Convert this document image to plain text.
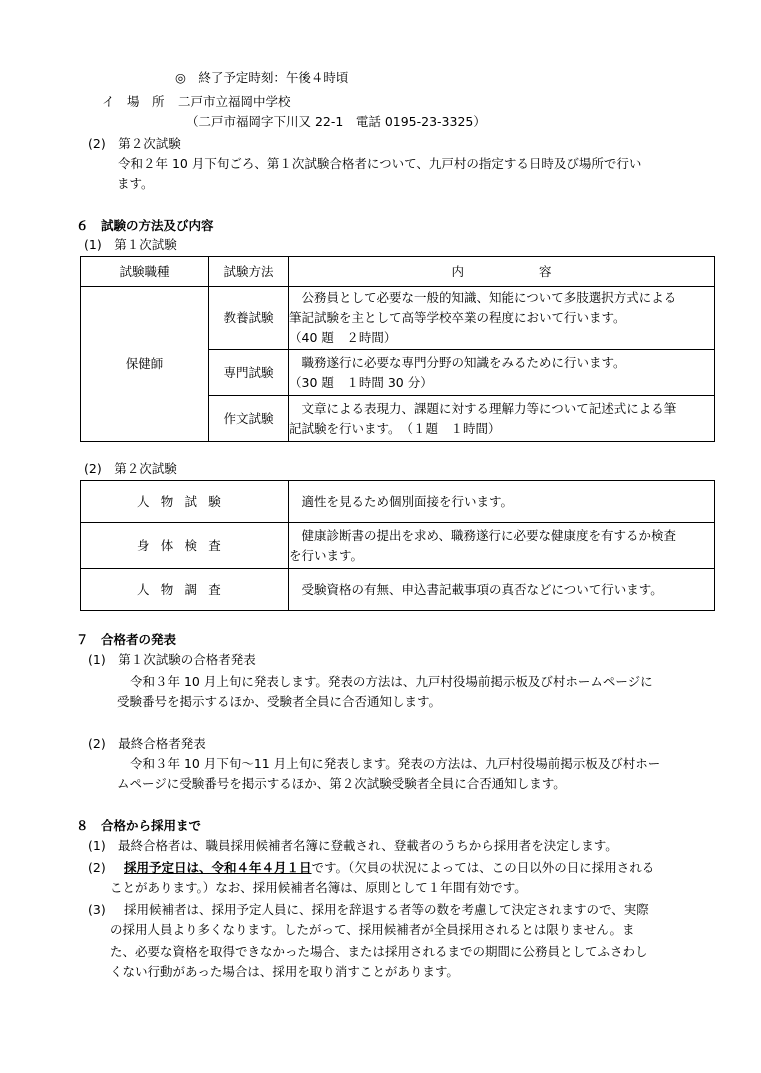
◎　終了予定時刻：午後４時頃
イ　場　所 二戸市立福岡中学校
（二戸市福岡字下川又 22-1　電話 0195-23-3325）
(2)　第２次試験
令和２年 10 月下旬ごろ、第１次試験合格者について、九戸村の指定する日時及び場所で行い
ます。
６　試験の方法及び内容
(1)　第１次試験
試験職種	試験方法	内　　　　　　容
保健師	教養試験	公務員として必要な一般的知識、知能について多肢選択方式による
筆記試験を主として高等学校卒業の程度において行います。
（40 題　２時間）

	専門試験	職務遂行に必要な専門分野の知識をみるために行います。
（30 題　１時間 30 分）

	作文試験	文章による表現力、課題に対する理解力等について記述式による筆
記試験を行います。　（１題　１時間）
(2)　第２次試験
人物試験	適性を見るため個別面接を行います。

身体検査	健康診断書の提出を求め、職務遂行に必要な健康度を有するか検査
を行います。

人物調査	受験資格の有無、申込書記載事項の真否などについて行います。
７　合格者の発表
(1)　第１次試験の合格者発表
令和３年 10 月上旬に発表します。発表の方法は、九戸村役場前掲示板及び村ホームページに
受験番号を掲示するほか、受験者全員に合否通知します。
(2)　最終合格者発表
令和３年 10 月下旬～11 月上旬に発表します。発表の方法は、九戸村役場前掲示板及び村ホー
ムページに受験番号を掲示するほか、第２次試験受験者全員に合否通知します。
８　合格から採用まで
(1) 最終合格者は、職員採用候補者名簿に登載され、登載者のうちから採用者を決定します。
(2) 採用予定日は、令和４年４月１日です。（欠員の状況によっては、この日以外の日に採用される
ことがあります。）なお、採用候補者名簿は、原則として１年間有効です。
(3) 採用候補者は、採用予定人員に、採用を辞退する者等の数を考慮して決定されますので、実際
の採用人員より多くなります。したがって、採用候補者が全員採用されるとは限りません。ま
た、必要な資格を取得できなかった場合、または採用されるまでの期間に公務員としてふさわし
くない行動があった場合は、採用を取り消すことがあります。
